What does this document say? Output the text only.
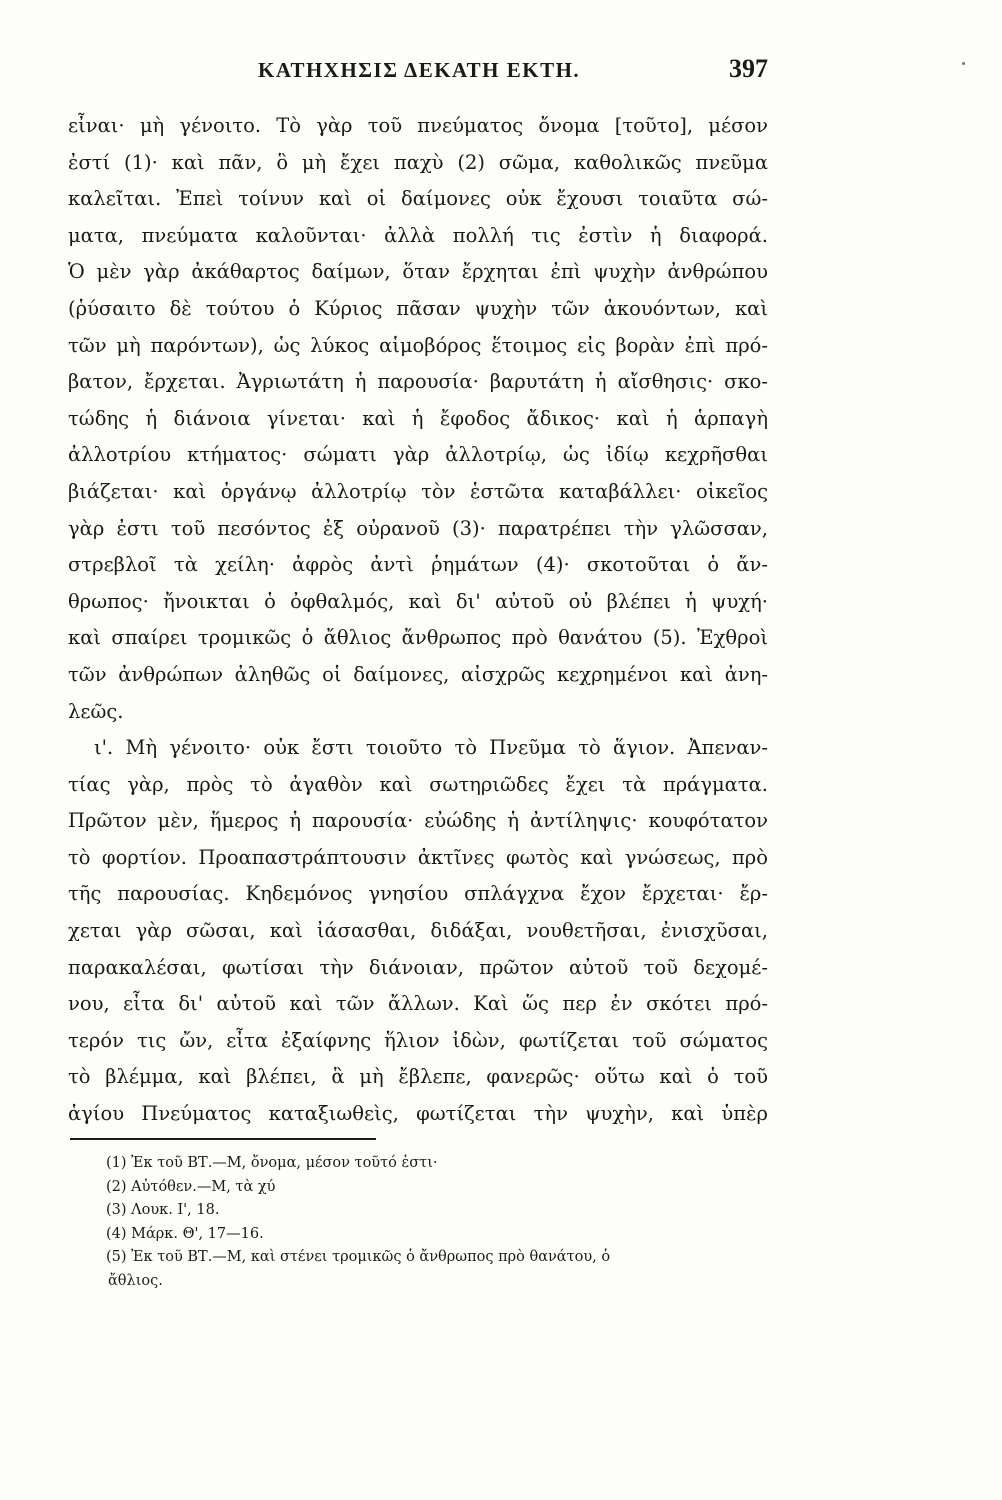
ΚΑΤΗΧΗΣΙΣ ΔΕΚΑΤΗ ΕΚΤΗ.	397
εἶναι· μὴ γένοιτο. Τὸ γὰρ τοῦ πνεύματος ὄνομα [τοῦτο], μέσον
ἐστί (1)· καὶ πᾶν, ὃ μὴ ἔχει παχὺ (2) σῶμα, καθολικῶς πνεῦμα
καλεῖται. Ἐπεὶ τοίνυν καὶ οἱ δαίμονες οὐκ ἔχουσι τοιαῦτα σώ-
ματα, πνεύματα καλοῦνται· ἀλλὰ πολλή τις ἐστὶν ἡ διαφορά.
Ὁ μὲν γὰρ ἀκάθαρτος δαίμων, ὅταν ἔρχηται ἐπὶ ψυχὴν ἀνθρώπου
(ῥύσαιτο δὲ τούτου ὁ Κύριος πᾶσαν ψυχὴν τῶν ἀκουόντων, καὶ
τῶν μὴ παρόντων), ὡς λύκος αἱμοβόρος ἕτοιμος εἰς βορὰν ἐπὶ πρό-
βατον, ἔρχεται. Ἀγριωτάτη ἡ παρουσία· βαρυτάτη ἡ αἴσθησις· σκο-
τώδης ἡ διάνοια γίνεται· καὶ ἡ ἔφοδος ἄδικος· καὶ ἡ ἁρπαγὴ
ἀλλοτρίου κτήματος· σώματι γὰρ ἀλλοτρίῳ, ὡς ἰδίῳ κεχρῆσθαι
βιάζεται· καὶ ὀργάνῳ ἀλλοτρίῳ τὸν ἑστῶτα καταβάλλει· οἰκεῖος
γὰρ ἐστι τοῦ πεσόντος ἐξ οὐρανοῦ (3)· παρατρέπει τὴν γλῶσσαν,
στρεβλοῖ τὰ χείλη· ἀφρὸς ἀντὶ ῥημάτων (4)· σκοτοῦται ὁ ἄν-
θρωπος· ἤνοικται ὁ ὀφθαλμός, καὶ δι' αὐτοῦ οὐ βλέπει ἡ ψυχή·
καὶ σπαίρει τρομικῶς ὁ ἄθλιος ἄνθρωπος πρὸ θανάτου (5). Ἐχθροὶ
τῶν ἀνθρώπων ἀληθῶς οἱ δαίμονες, αἰσχρῶς κεχρημένοι καὶ ἀνη-
λεῶς.
ι'. Μὴ γένοιτο· οὐκ ἔστι τοιοῦτο τὸ Πνεῦμα τὸ ἅγιον. Ἀπεναν-
τίας γὰρ, πρὸς τὸ ἀγαθὸν καὶ σωτηριῶδες ἔχει τὰ πράγματα.
Πρῶτον μὲν, ἥμερος ἡ παρουσία· εὐώδης ἡ ἀντίληψις· κουφότατον
τὸ φορτίον. Προαπαστράπτουσιν ἀκτῖνες φωτὸς καὶ γνώσεως, πρὸ
τῆς παρουσίας. Κηδεμόνος γνησίου σπλάγχνα ἔχον ἔρχεται· ἔρ-
χεται γὰρ σῶσαι, καὶ ἰάσασθαι, διδάξαι, νουθετῆσαι, ἐνισχῦσαι,
παρακαλέσαι, φωτίσαι τὴν διάνοιαν, πρῶτον αὐτοῦ τοῦ δεχομέ-
νου, εἶτα δι' αὐτοῦ καὶ τῶν ἄλλων. Καὶ ὥς περ ἐν σκότει πρό-
τερόν τις ὤν, εἶτα ἐξαίφνης ἥλιον ἰδὼν, φωτίζεται τοῦ σώματος
τὸ βλέμμα, καὶ βλέπει, ἃ μὴ ἔβλεπε, φανερῶς· οὕτω καὶ ὁ τοῦ
ἁγίου Πνεύματος καταξιωθεὶς, φωτίζεται τὴν ψυχὴν, καὶ ὑπὲρ
(1) Ἐκ τοῦ ΒΤ.—Μ, ὄνομα, μέσον τοῦτό ἐστι·
(2) Αὐτόθεν.—Μ, τὰ χύ
(3) Λουκ. Ι', 18.
(4) Μάρκ. Θ', 17—16.
(5) Ἐκ τοῦ ΒΤ.—Μ, καὶ στένει τρομικῶς ὁ ἄνθρωπος πρὸ θανάτου, ὁ
ἄθλιος.
